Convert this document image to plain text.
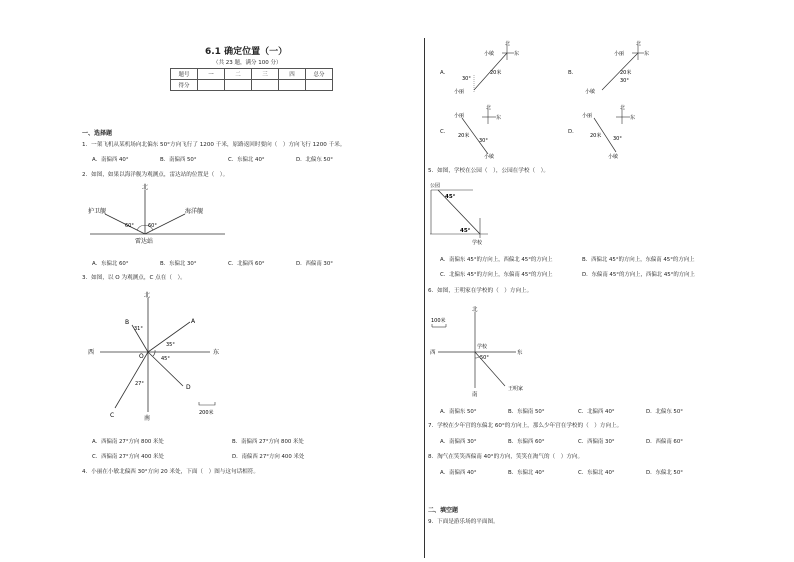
6.1 确定位置（一）
（共 23 题，满分 100 分）
题号	一	二	三	四	总分
得分					
一、选择题
1．一架飞机从某机场向北偏东 50°方向飞行了 1200 千米，原路返回时要向（　）方向飞行 1200 千米。
A．南偏西 40°	B．南偏西 50°	C．东偏北 40°	D．北偏东 50°
2．如图，如果以海洋舰为观测点，雷达站的位置是（　）。
北
护卫舰	海洋舰
雷达站
60°	60°
A．东偏北 60°	B．东偏北 30°	C．北偏西 60°	D．西偏南 30°
3．如图，以 O 为观测点，C 点在（　）。
北
南
东
西
O
A
B
C
D
31°
35°
45°
27°
200米
A．西偏南 27°方向 800 米处	B．南偏西 27°方向 800 米处
C．西偏南 27°方向 400 米处	D．南偏西 27°方向 400 米处
4．小丽在小敏北偏西 30°方向 20 米处，下面（　）图与这句话相符。
A．
北
东
小敏
小丽
20米
30°
B．
北
东
小丽
小敏
20米
30°
C．
北
东
小丽
小敏
20米
30°
D．
北
东
小丽
小敏
20米 30°
5．如图，学校在公园（　），公园在学校（　）。
公园
学校
45°
45°
A．南偏东 45°的方向上，西偏北 45°的方向上	B．西偏北 45°的方向上，东偏南 45°的方向上
C．北偏东 45°的方向上，东偏南 45°的方向上	D．东偏南 45°的方向上，西偏北 45°的方向上
6．如图，王明家在学校的（　）方向上。
北
南
东
西
学校
50°
王明家
100米
A．南偏东 50°	B．东偏南 50°	C．北偏西 40°	D．北偏东 50°
7．学校在少年宫的东偏北 60°的方向上，那么少年宫在学校的（　）方向上。
A．南偏西 30°	B．东偏西 60°	C．西偏南 30°	D．西偏南 60°
8．淘气在笑笑西偏南 40°的方向，笑笑在淘气的（　）方向。
A．南偏西 40°	B．东偏北 40°	C．东偏北 40°	D．东偏北 50°
二、填空题
9．下面是游乐场的平面图。
